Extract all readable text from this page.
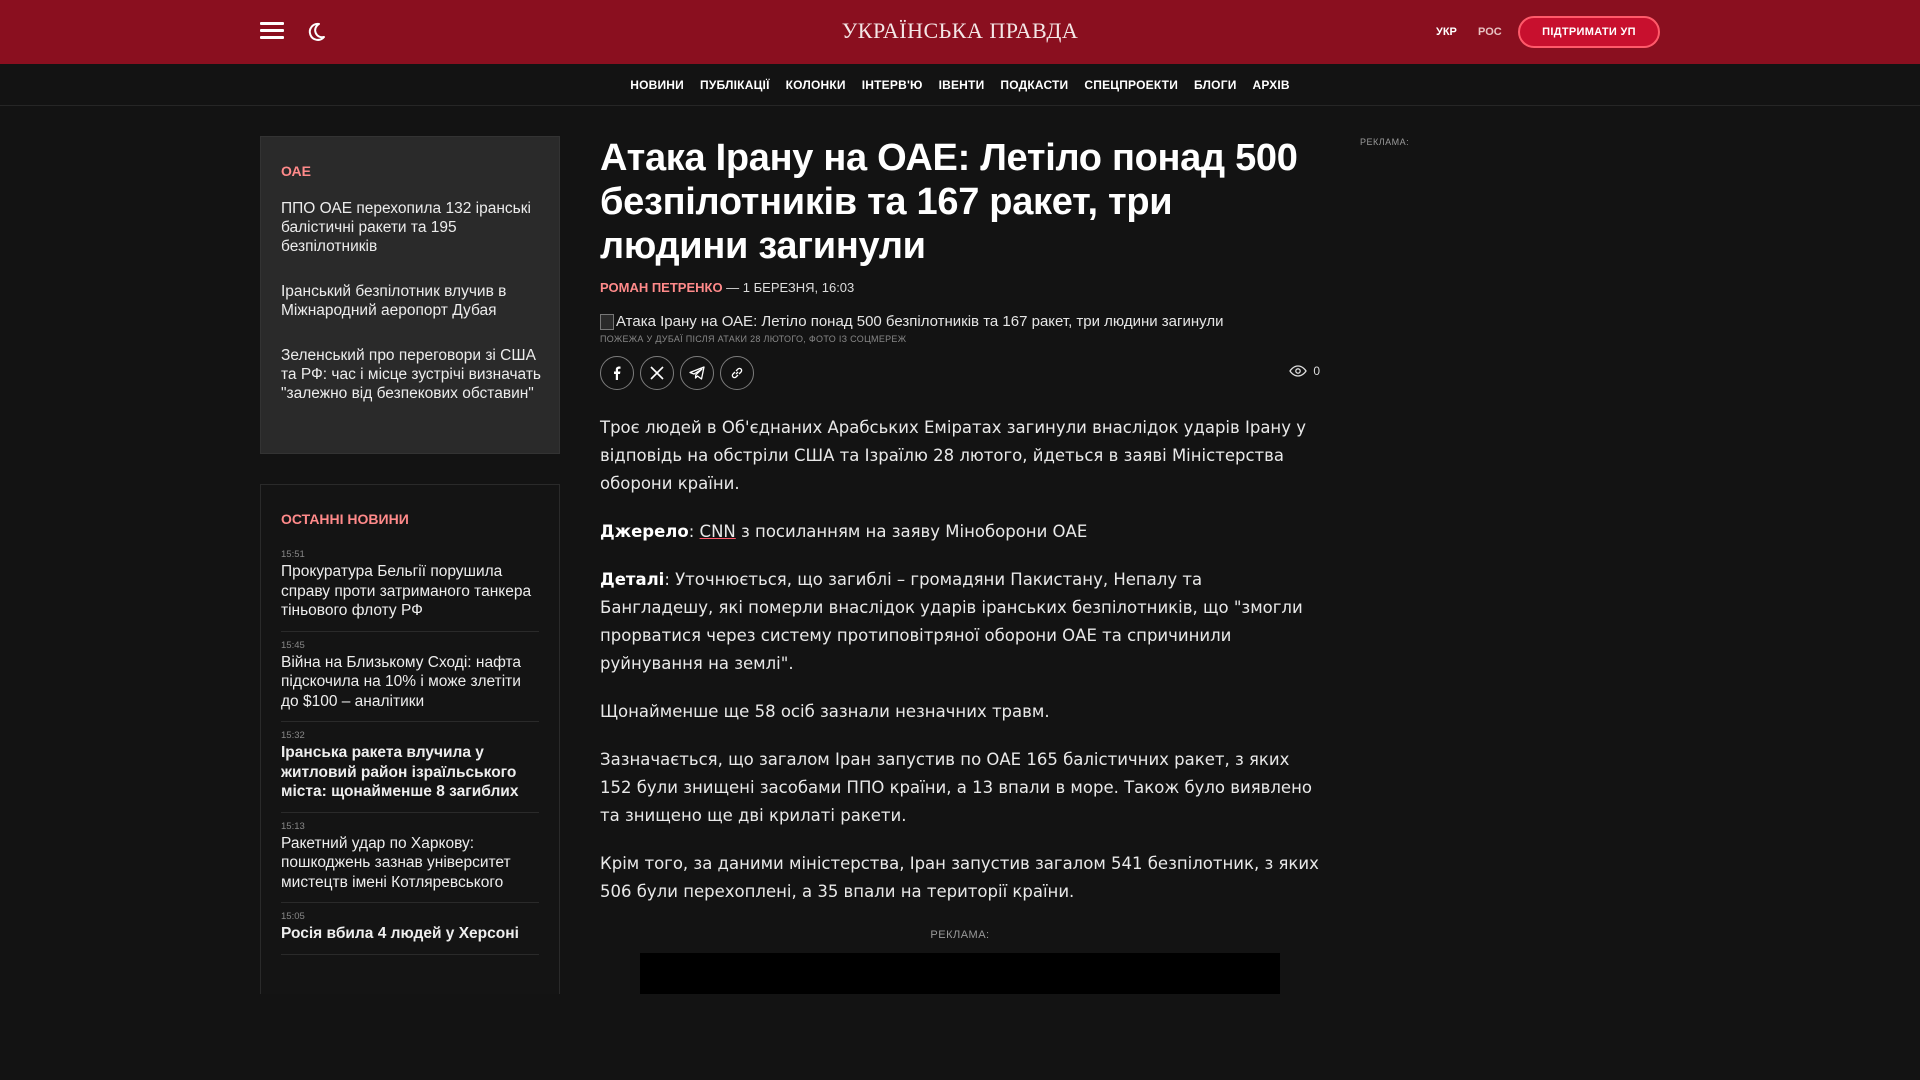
УКРАЇНСЬКА ПРАВДА	УКР РОС	ПІДТРИМАТИ УП
НОВИНИ ПУБЛІКАЦІЇ КОЛОНКИ ІНТЕРВ'Ю ІВЕНТИ ПОДКАСТИ СПЕЦПРОЕКТИ БЛОГИ АРХІВ
ОАЕ
ППО ОАЕ перехопила 132 іранські балістичні ракети та 195 безпілотників
Іранський безпілотник влучив в Міжнародний аеропорт Дубая
Зеленський про переговори зі США та РФ: час і місце зустрічі визначать "залежно від безпекових обставин"
ОСТАННІ НОВИНИ
15:51
Прокуратура Бельгії порушила справу проти затриманого танкера тіньового флоту РФ
15:45
Війна на Близькому Сході: нафта підскочила на 10% і може злетіти до $100 – аналітики
15:32
Іранська ракета влучила у житловий район ізраїльського міста: щонайменше 8 загиблих
15:13
Ракетний удар по Харкову: пошкоджень зазнав університет мистецтв імені Котляревського
15:05
Росія вбила 4 людей у Херсоні
Атака Ірану на ОАЕ: Летіло понад 500 безпілотників та 167 ракет, три людини загинули
РОМАН ПЕТРЕНКО — 1 БЕРЕЗНЯ, 16:03
Атака Ірану на ОАЕ: Летіло понад 500 безпілотників та 167 ракет, три людини загинули
ПОЖЕЖА У ДУБАЇ ПІСЛЯ АТАКИ 28 ЛЮТОГО, ФОТО ІЗ СОЦМЕРЕЖ
0

Троє людей в Об'єднаних Арабських Еміратах загинули внаслідок ударів Ірану у відповідь на обстріли США та Ізраїлю 28 лютого, йдеться в заяві Міністерства оборони країни.

Джерело: CNN з посиланням на заяву Міноборони ОАЕ

Деталі: Уточнюється, що загиблі – громадяни Пакистану, Непалу та Бангладешу, які померли внаслідок ударів іранських безпілотників, що "змогли прорватися через систему протиповітряної оборони ОАЕ та спричинили руйнування на землі".

Щонайменше ще 58 осіб зазнали незначних травм.

Зазначається, що загалом Іран запустив по ОАЕ 165 балістичних ракет, з яких 152 були знищені засобами ППО країни, а 13 впали в море. Також було виявлено та знищено ще дві крилаті ракети.

Крім того, за даними міністерства, Іран запустив загалом 541 безпілотник, з яких 506 були перехоплені, а 35 впали на території країни.

РЕКЛАМА:
РЕКЛАМА:
